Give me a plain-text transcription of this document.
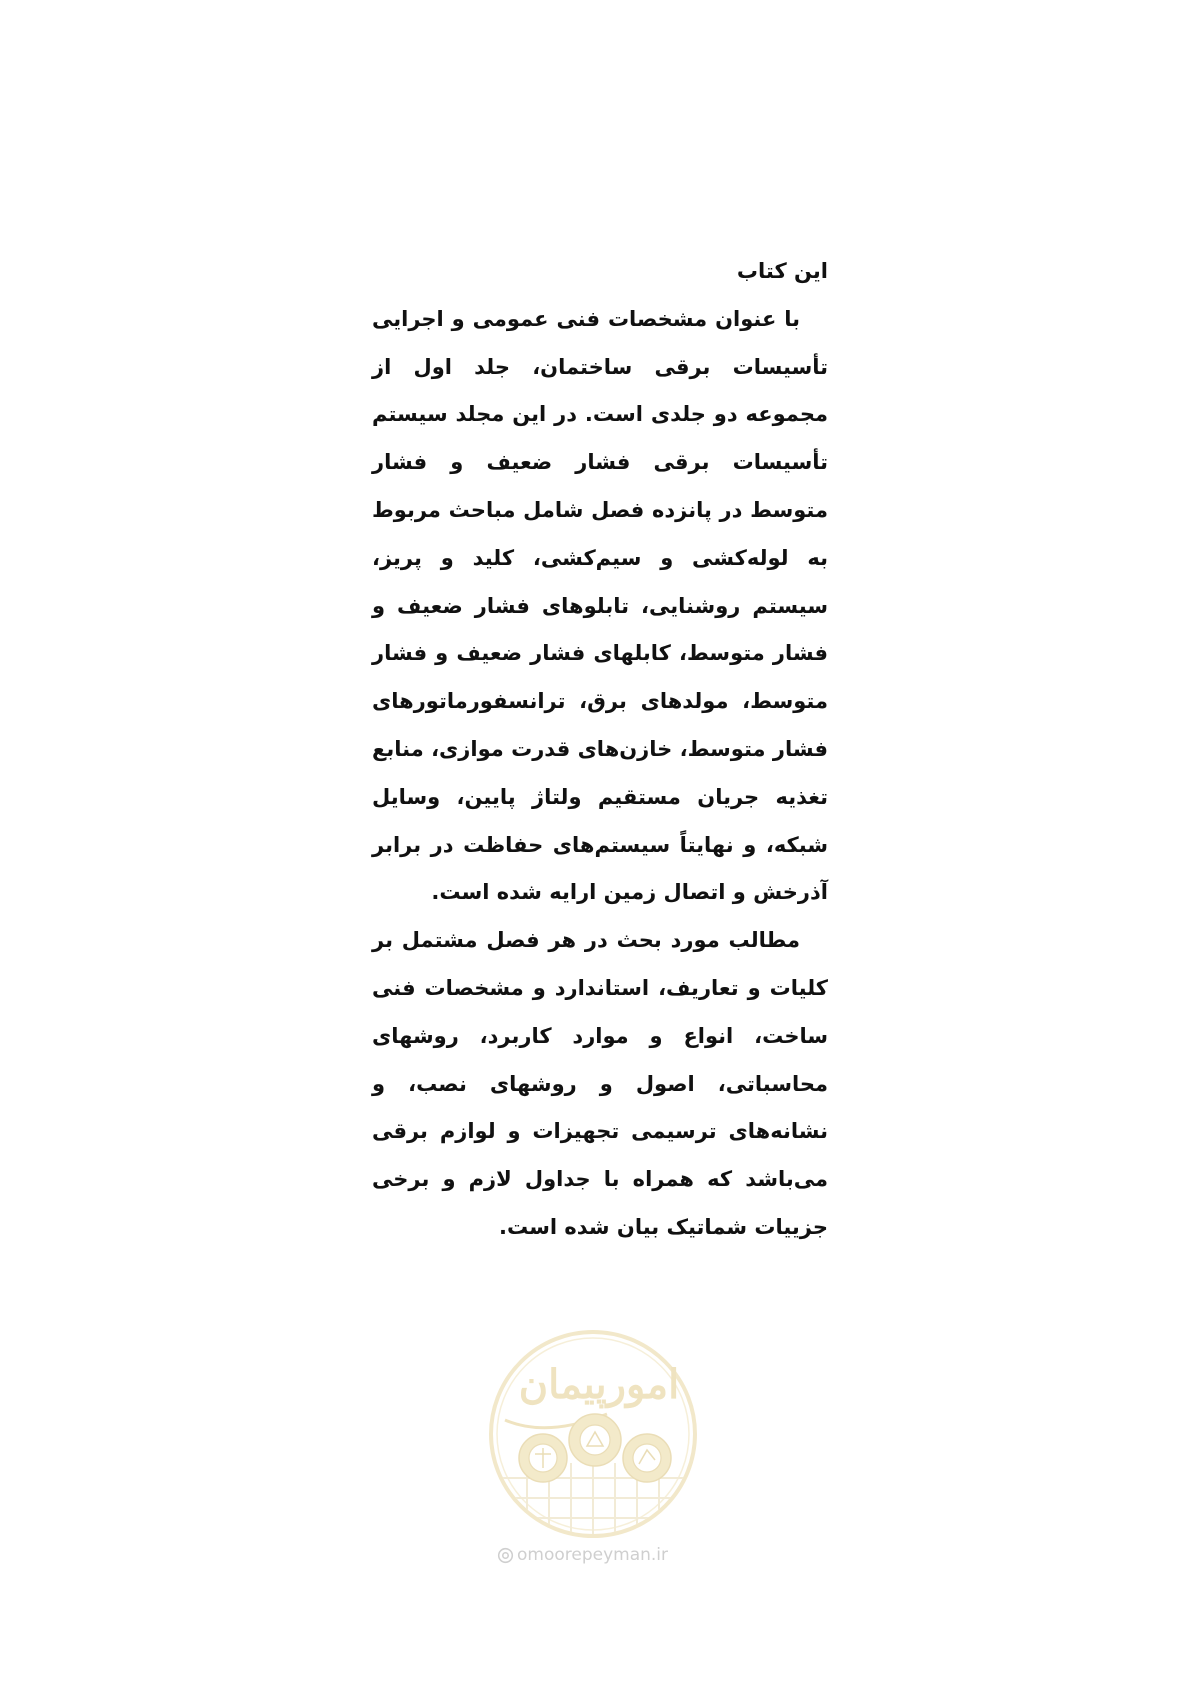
این کتاب

با عنوان مشخصات فنی عمومی و اجرایی تأسیسات برقی ساختمان، جلد اول از مجموعه دو جلدی است. در این مجلد سیستم تأسیسات برقی فشار ضعیف و فشار متوسط در پانزده فصل شامل مباحث مربوط به لوله‌کشی و سیم‌کشی، کلید و پریز، سیستم روشنایی، تابلوهای فشار ضعیف و فشار متوسط، کابلهای فشار ضعیف و فشار متوسط، مولدهای برق، ترانسفورماتورهای فشار متوسط، خازن‌های قدرت موازی، منابع تغذیه جریان مستقیم ولتاژ پایین، وسایل شبکه، و نهایتاً سیستم‌های حفاظت در برابر آذرخش و اتصال زمین ارایه شده است.

مطالب مورد بحث در هر فصل مشتمل بر کلیات و تعاریف، استاندارد و مشخصات فنی ساخت، انواع و موارد کاربرد، روشهای محاسباتی، اصول و روشهای نصب، و نشانه‌های ترسیمی تجهیزات و لوازم برقی می‌باشد که همراه با جداول لازم و برخی جزییات شماتیک بیان شده است.

امورپیمان
omoorepeyman.ir
